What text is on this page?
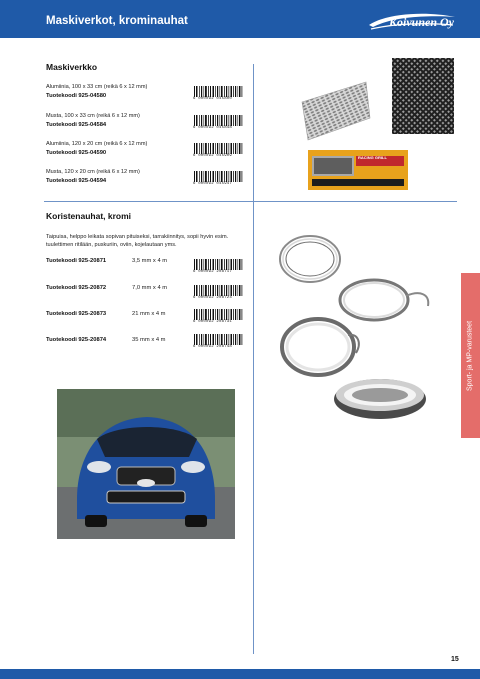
Maskiverkot, krominauhat	Koivunen Oy
Maskiverkko
Alumiinia, 100 x 33 cm (reikä 6 x 12 mm)
Tuotekoodi 925-04580	6 000092 045800
Musta, 100 x 33 cm (reikä 6 x 12 mm)
Tuotekoodi 925-04584	6 000092 045848
Alumiinia, 120 x 20 cm (reikä 6 x 12 mm)
Tuotekoodi 925-04590	6 000092 045909
Musta, 120 x 20 cm (reikä 6 x 12 mm)
Tuotekoodi 925-04594	6 000092 045947
RACING GRILL
Koristenauhat, kromi
Taipuisa, helppo leikata sopivan pituiseksi, tarrakiinnitys, sopii hyvin esim. tuulettimen ritilään, puskuriin, oviin, kojelautaan yms.
Tuotekoodi 925-20871	3,5 mm x 4 m
6 000092 208717
Tuotekoodi 925-20872	7,0 mm x 4 m
6 000092 208724
Tuotekoodi 925-20873	21 mm x 4 m
6 000092 208731
Tuotekoodi 925-20874	35 mm x 4 m
6 000092 208748	Sport- ja MP-varusteet
15
